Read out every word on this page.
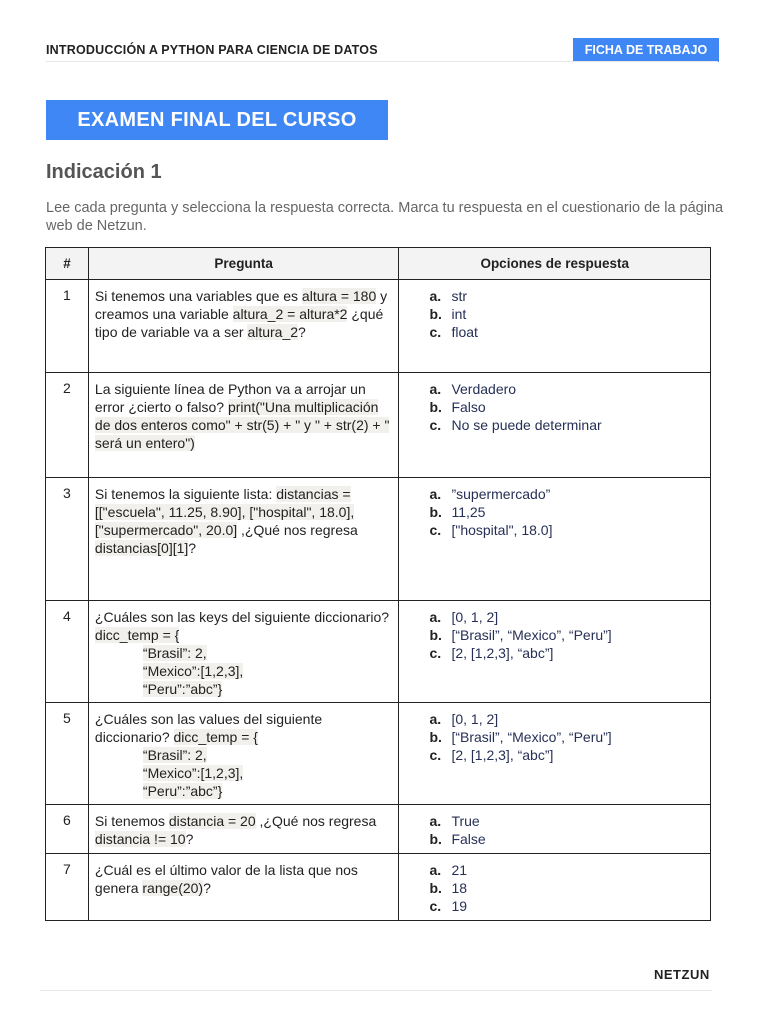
INTRODUCCIÓN A PYTHON PARA CIENCIA DE DATOS	FICHA DE TRABAJO
EXAMEN FINAL DEL CURSO
Indicación 1
Lee cada pregunta y selecciona la respuesta correcta. Marca tu respuesta en el cuestionario de la página web de Netzun.
#	Pregunta	Opciones de respuesta
1	Si tenemos una variables que es altura = 180 y creamos una variable altura_2 = altura*2 ¿qué tipo de variable va a ser altura_2?	a. str
b. int
c. float

2	La siguiente línea de Python va a arrojar un error ¿cierto o falso? print("Una multiplicación de dos enteros como" + str(5) + " y " + str(2) + " será un entero")	a. Verdadero
b. Falso
c. No se puede determinar

3	Si tenemos la siguiente lista: distancias = [["escuela", 11.25, 8.90], ["hospital", 18.0], ["supermercado", 20.0] ,¿Qué nos regresa distancias[0][1]?	a. ”supermercado”
b. 11,25
c. ["hospital", 18.0]

4	¿Cuáles son las keys del siguiente diccionario? dicc_temp = {
“Brasil”: 2,
“Mexico”:[1,2,3],
“Peru”:”abc”}	a. [0, 1, 2]
b. [“Brasil”, “Mexico”, “Peru”]
c. [2, [1,2,3], “abc”]

5	¿Cuáles son las values del siguiente diccionario? dicc_temp = {
“Brasil”: 2,
“Mexico”:[1,2,3],
“Peru”:”abc”}	a. [0, 1, 2]
b. [“Brasil”, “Mexico”, “Peru”]
c. [2, [1,2,3], “abc”]

6	Si tenemos distancia = 20 ,¿Qué nos regresa distancia != 10?	a. True
b. False

7	¿Cuál es el último valor de la lista que nos genera range(20)?	a. 21
b. 18
c. 19
NETZUN
